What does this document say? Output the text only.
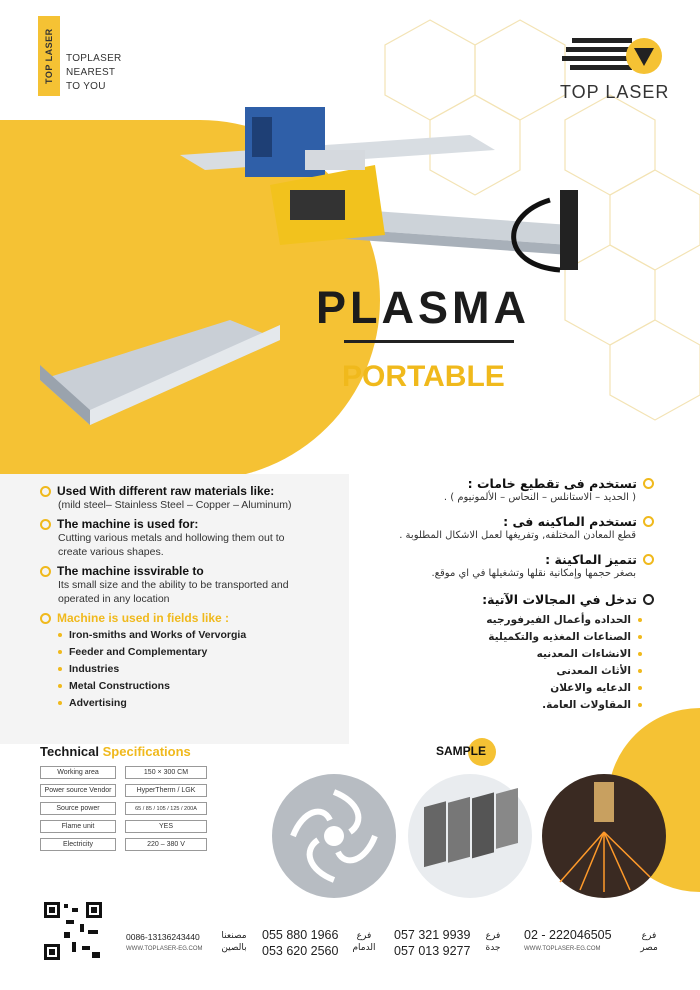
TOP LASER	TOPLASER
NEAREST
TO YOU	TOP LASER
PLASMA
PORTABLE
Used With different raw materials like:
(mild steel– Stainless Steel – Copper – Aluminum)
The machine is used for:
Cutting various metals and hollowing them out to create various shapes.
The machine issvirable to
Its small size and the ability to be transported and operated in any location
Machine is used in fields like :
Iron-smiths and Works of Vervorgia
Feeder and Complementary
Industries
Metal Constructions
Advertising
تستخدم فى تقطيع خامات :
( الحديد – الاستانلس – النحاس – الألمونيوم ) .
تستخدم الماكينه فى :
قطع المعادن المختلفه, وتفريغها لعمل الاشكال المطلوبة .
تتميز الماكينة :
بصغر حجمها وإمكانية نقلها وتشغيلها في اي موقع.
تدخل في المجالات الآتية:
الحداده وأعمال الفيرفورجيه
الصناعات المغذيه والتكميلية
الانشاءات المعدنيه
الأثاث المعدنى
الدعايه والاعلان
المقاولات العامة.
Technical Specifications
Working area	150 × 300 CM
Power source Vendor	HyperTherm / LGK
Source power	65 / 85 / 105 / 125 / 200A
Flame unit	YES
Electricity	220 – 380 V
SAMPLE
0086-13136243440
WWW.TOPLASER-EG.COM
مصنعنا بالصين
055 880 1966
053 620 2560
فرع الدمام
057 321 9939
057 013 9277
فرع جدة
02 - 222046505
WWW.TOPLASER-EG.COM
فرع مصر
